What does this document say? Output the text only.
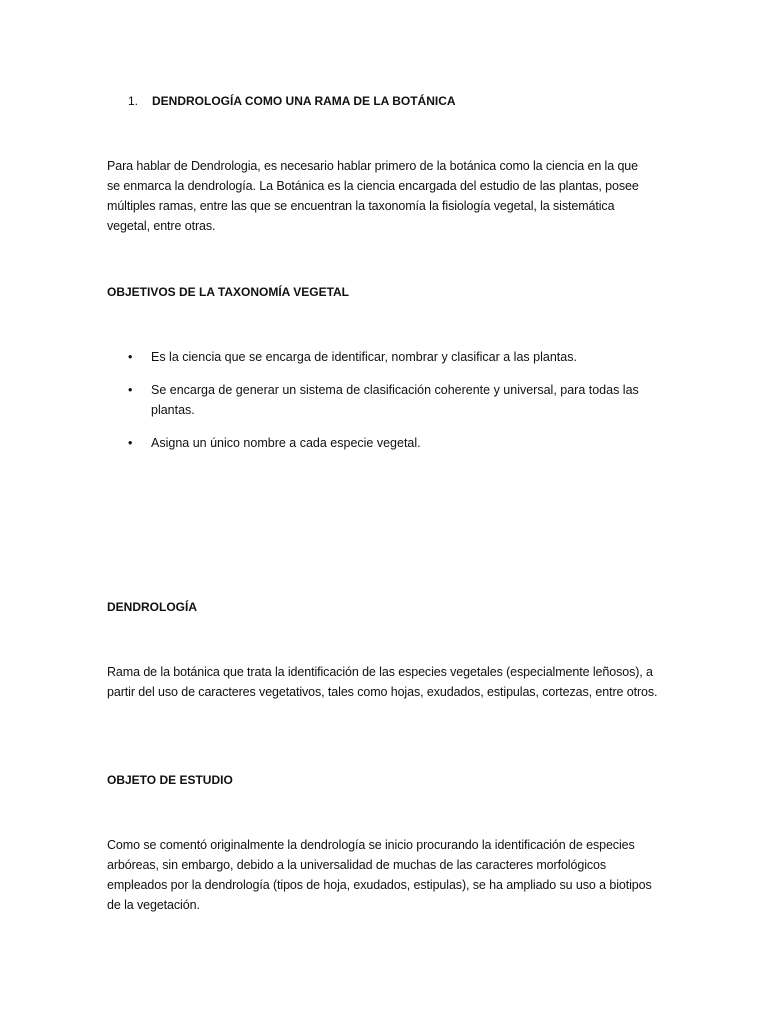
1. DENDROLOGÍA COMO UNA RAMA DE LA BOTÁNICA
Para hablar de Dendrologia, es necesario hablar primero de la botánica como la ciencia en la que se enmarca la dendrología. La Botánica es la ciencia encargada del estudio de las plantas, posee múltiples ramas, entre las que se encuentran la taxonomía la fisiología vegetal, la sistemática vegetal, entre otras.
OBJETIVOS DE LA TAXONOMÍA VEGETAL
• Es la ciencia que se encarga de identificar, nombrar y clasificar a las plantas.
• Se encarga de generar un sistema de clasificación coherente y universal, para todas las plantas.
• Asigna un único nombre a cada especie vegetal.
DENDROLOGÍA
Rama de la botánica que trata la identificación de las especies vegetales (especialmente leñosos), a partir del uso de caracteres vegetativos, tales como hojas, exudados, estipulas, cortezas, entre otros.
OBJETO DE ESTUDIO
Como se comentó originalmente la dendrología se inicio procurando la identificación de especies arbóreas, sin embargo, debido a la universalidad de muchas de las caracteres morfológicos empleados por la dendrología (tipos de hoja, exudados, estipulas), se ha ampliado su uso a biotipos de la vegetación.
